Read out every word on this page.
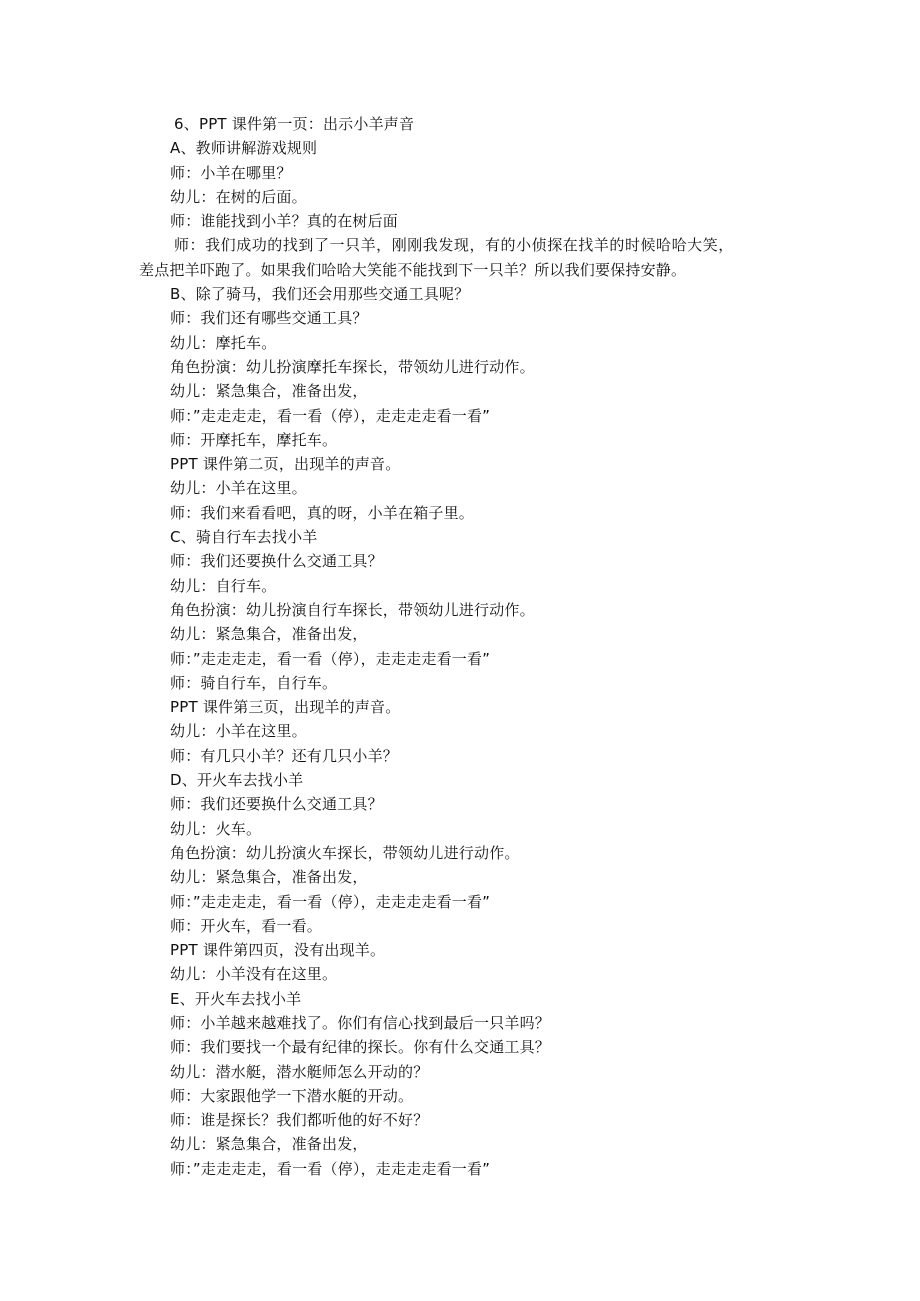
6、PPT 课件第一页：出示小羊声音
A、教师讲解游戏规则
师：小羊在哪里？
幼儿：在树的后面。
师：谁能找到小羊？真的在树后面
师：我们成功的找到了一只羊，刚刚我发现，有的小侦探在找羊的时候哈哈大笑，
差点把羊吓跑了。如果我们哈哈大笑能不能找到下一只羊？所以我们要保持安静。
B、除了骑马，我们还会用那些交通工具呢？
师：我们还有哪些交通工具？
幼儿：摩托车。
角色扮演：幼儿扮演摩托车探长，带领幼儿进行动作。
幼儿：紧急集合，准备出发，
师：”走走走走，看一看（停），走走走走看一看”
师：开摩托车，摩托车。
PPT 课件第二页，出现羊的声音。
幼儿：小羊在这里。
师：我们来看看吧，真的呀，小羊在箱子里。
C、骑自行车去找小羊
师：我们还要换什么交通工具？
幼儿：自行车。
角色扮演：幼儿扮演自行车探长，带领幼儿进行动作。
幼儿：紧急集合，准备出发，
师：”走走走走，看一看（停），走走走走看一看”
师：骑自行车，自行车。
PPT 课件第三页，出现羊的声音。
幼儿：小羊在这里。
师：有几只小羊？还有几只小羊？
D、开火车去找小羊
师：我们还要换什么交通工具？
幼儿：火车。
角色扮演：幼儿扮演火车探长，带领幼儿进行动作。
幼儿：紧急集合，准备出发，
师：”走走走走，看一看（停），走走走走看一看”
师：开火车，看一看。
PPT 课件第四页，没有出现羊。
幼儿：小羊没有在这里。
E、开火车去找小羊
师：小羊越来越难找了。你们有信心找到最后一只羊吗？
师：我们要找一个最有纪律的探长。你有什么交通工具？
幼儿：潜水艇，潜水艇师怎么开动的？
师：大家跟他学一下潜水艇的开动。
师：谁是探长？我们都听他的好不好？
幼儿：紧急集合，准备出发，
师：”走走走走，看一看（停），走走走走看一看”
